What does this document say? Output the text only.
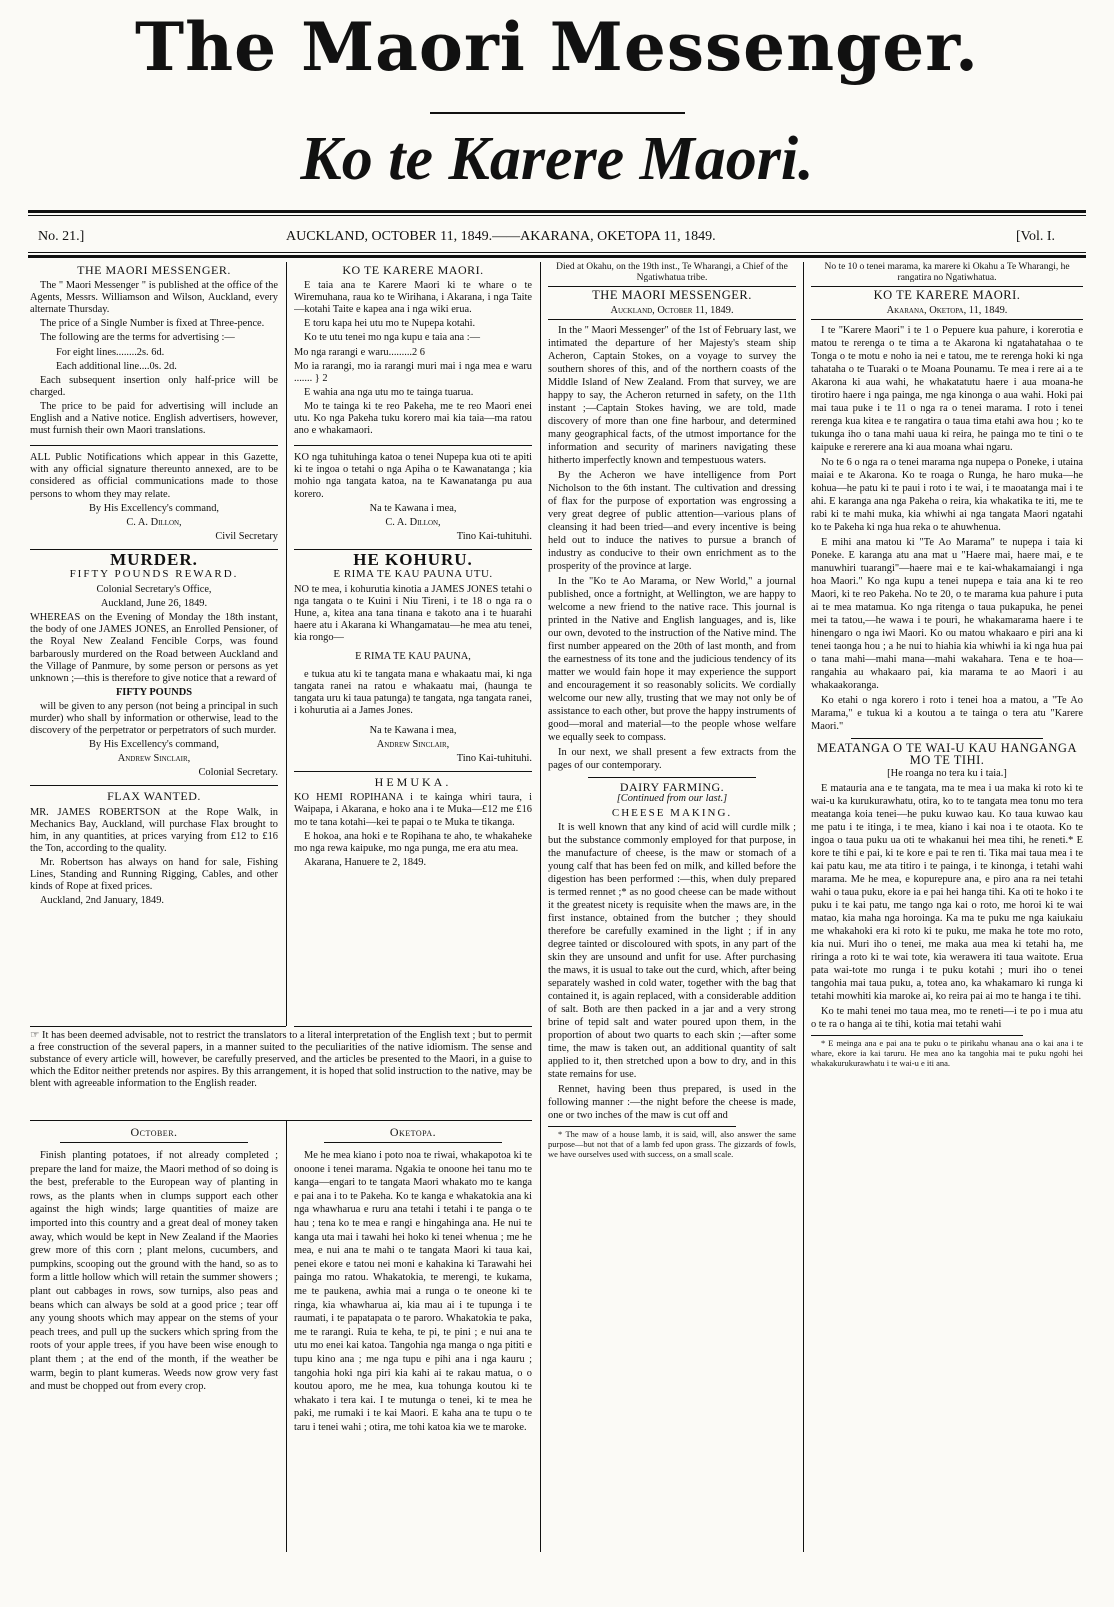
The Maori Messenger.
Ko te Karere Maori.
No. 21.]	AUCKLAND, OCTOBER 11, 1849.——AKARANA, OKETOPA 11, 1849.	[Vol. I.
THE MAORI MESSENGER.

The " Maori Messenger " is published at the office of the Agents, Messrs. Williamson and Wilson, Auckland, every alternate Thursday.

The price of a Single Number is fixed at Three-pence.

The following are the terms for advertising :—

For eight lines........2s. 6d.

Each additional line....0s. 2d.

Each subsequent insertion only half-price will be charged.

The price to be paid for advertising will include an English and a Native notice. English advertisers, however, must furnish their own Maori translations.

ALL Public Notifications which appear in this Gazette, with any official signature thereunto annexed, are to be considered as official communications made to those persons to whom they may relate.

By His Excellency's command,

C. A. Dillon,

Civil Secretary

MURDER.
FIFTY POUNDS REWARD.

Colonial Secretary's Office,

Auckland, June 26, 1849.

WHEREAS on the Evening of Monday the 18th instant, the body of one JAMES JONES, an Enrolled Pensioner, of the Royal New Zealand Fencible Corps, was found barbarously murdered on the Road between Auckland and the Village of Panmure, by some person or persons as yet unknown ;—this is therefore to give notice that a reward of

FIFTY POUNDS

will be given to any person (not being a principal in such murder) who shall by information or otherwise, lead to the discovery of the perpetrator or perpetrators of such murder.

By His Excellency's command,

Andrew Sinclair,

Colonial Secretary.

FLAX WANTED.

MR. JAMES ROBERTSON at the Rope Walk, in Mechanics Bay, Auckland, will purchase Flax brought to him, in any quantities, at prices varying from £12 to £16 the Ton, according to the quality.

Mr. Robertson has always on hand for sale, Fishing Lines, Standing and Running Rigging, Cables, and other kinds of Rope at fixed prices.

Auckland, 2nd January, 1849.

KO TE KARERE MAORI.

E taia ana te Karere Maori ki te whare o te Wiremuhana, raua ko te Wirihana, i Akarana, i nga Taite—kotahi Taite e kapea ana i nga wiki erua.

E toru kapa hei utu mo te Nupepa kotahi.

Ko te utu tenei mo nga kupu e taia ana :—

Mo nga rarangi e waru.........2 6

Mo ia rarangi, mo ia rarangi muri mai i nga mea e waru ....... } 2

E wahia ana nga utu mo te tainga tuarua.

Mo te tainga ki te reo Pakeha, me te reo Maori enei utu. Ko nga Pakeha tuku korero mai kia taia—ma ratou ano e whakamaori.

KO nga tuhituhinga katoa o tenei Nupepa kua oti te apiti ki te ingoa o tetahi o nga Apiha o te Kawanatanga ; kia mohio nga tangata katoa, na te Kawanatanga pu aua korero.

Na te Kawana i mea,

C. A. Dillon,

Tino Kai-tuhituhi.

HE KOHURU.
E RIMA TE KAU PAUNA UTU.

NO te mea, i kohurutia kinotia a JAMES JONES tetahi o nga tangata o te Kuini i Niu Tireni, i te 18 o nga ra o Hune, a, kitea ana tana tinana e takoto ana i te huarahi haere atu i Akarana ki Whangamatau—he mea atu tenei, kia rongo—

E RIMA TE KAU PAUNA,

e tukua atu ki te tangata mana e whakaatu mai, ki nga tangata ranei na ratou e whakaatu mai, (haunga te tangata uru ki taua patunga) te tangata, nga tangata ranei, i kohurutia ai a James Jones.

Na te Kawana i mea,

Andrew Sinclair,

Tino Kai-tuhituhi.

HEMUKA.

KO HEMI ROPIHANA i te kainga whiri taura, i Waipapa, i Akarana, e hoko ana i te Muka—£12 me £16 mo te tana kotahi—kei te papai o te Muka te tikanga.

E hokoa, ana hoki e te Ropihana te aho, te whakaheke mo nga rewa kaipuke, mo nga punga, me era atu mea.

Akarana, Hanuere te 2, 1849.

☞ It has been deemed advisable, not to restrict the translators to a literal interpretation of the English text ; but to permit a free construction of the several papers, in a manner suited to the peculiarities of the native idiomism. The sense and substance of every article will, however, be carefully preserved, and the articles be presented to the Maori, in a guise to which the Editor neither pretends nor aspires. By this arrangement, it is hoped that solid instruction to the native, may be blent with agreeable information to the English reader.
October.

Finish planting potatoes, if not already completed ; prepare the land for maize, the Maori method of so doing is the best, preferable to the European way of planting in rows, as the plants when in clumps support each other against the high winds; large quantities of maize are imported into this country and a great deal of money taken away, which would be kept in New Zealand if the Maories grew more of this corn ; plant melons, cucumbers, and pumpkins, scooping out the ground with the hand, so as to form a little hollow which will retain the summer showers ; plant out cabbages in rows, sow turnips, also peas and beans which can always be sold at a good price ; tear off any young shoots which may appear on the stems of your peach trees, and pull up the suckers which spring from the roots of your apple trees, if you have been wise enough to plant them ; at the end of the month, if the weather be warm, begin to plant kumeras. Weeds now grow very fast and must be chopped out from every crop.

Oketopa.

Me he mea kiano i poto noa te riwai, whakapotoa ki te onoone i tenei marama. Ngakia te onoone hei tanu mo te kanga—engari to te tangata Maori whakato mo te kanga e pai ana i to te Pakeha. Ko te kanga e whakatokia ana ki nga whawharua e ruru ana tetahi i tetahi i te panga o te hau ; tena ko te mea e rangi e hingahinga ana. He nui te kanga uta mai i tawahi hei hoko ki tenei whenua ; me he mea, e nui ana te mahi o te tangata Maori ki taua kai, penei ekore e tatou nei moni e kahakina ki Tarawahi hei painga mo ratou. Whakatokia, te merengi, te kukama, me te paukena, awhia mai a runga o te oneone ki te ringa, kia whawharua ai, kia mau ai i te tupunga i te raumati, i te papatapata o te paroro. Whakatokia te paka, me te rarangi. Ruia te keha, te pi, te pini ; e nui ana te utu mo enei kai katoa. Tangohia nga manga o nga pititi e tupu kino ana ; me nga tupu e pihi ana i nga kauru ; tangohia hoki nga piri kia kahi ai te rakau matua, o o koutou aporo, me he mea, kua tohunga koutou ki te whakato i tera kai. I te mutunga o tenei, ki te mea he paki, me rumaki i te kai Maori. E kaha ana te tupu o te taru i tenei wahi ; otira, me tohi katoa kia we te maroke.

Died at Okahu, on the 19th inst., Te Wharangi, a Chief of the Ngatiwhatua tribe.

THE MAORI MESSENGER.

Auckland, October 11, 1849.

In the " Maori Messenger" of the 1st of February last, we intimated the departure of her Majesty's steam ship Acheron, Captain Stokes, on a voyage to survey the southern shores of this, and of the northern coasts of the Middle Island of New Zealand. From that survey, we are happy to say, the Acheron returned in safety, on the 11th instant ;—Captain Stokes having, we are told, made discovery of more than one fine harbour, and determined many geographical facts, of the utmost importance for the information and security of mariners navigating these hitherto imperfectly known and tempestuous waters.

By the Acheron we have intelligence from Port Nicholson to the 6th instant. The cultivation and dressing of flax for the purpose of exportation was engrossing a very great degree of public attention—various plans of cleansing it had been tried—and every incentive is being held out to induce the natives to pursue a branch of industry as conducive to their own enrichment as to the prosperity of the province at large.

In the "Ko te Ao Marama, or New World," a journal published, once a fortnight, at Wellington, we are happy to welcome a new friend to the native race. This journal is printed in the Native and English languages, and is, like our own, devoted to the instruction of the Native mind. The first number appeared on the 20th of last month, and from the earnestness of its tone and the judicious tendency of its matter we would fain hope it may experience the support and encouragement it so reasonably solicits. We cordially welcome our new ally, trusting that we may not only be of assistance to each other, but prove the happy instruments of good—moral and material—to the people whose welfare we equally seek to compass.

In our next, we shall present a few extracts from the pages of our contemporary.

DAIRY FARMING.

[Continued from our last.]

CHEESE MAKING.

It is well known that any kind of acid will curdle milk ; but the substance commonly employed for that purpose, in the manufacture of cheese, is the maw or stomach of a young calf that has been fed on milk, and killed before the digestion has been performed :—this, when duly prepared is termed rennet ;* as no good cheese can be made without it the greatest nicety is requisite when the maws are, in the first instance, obtained from the butcher ; they should therefore be carefully examined in the light ; if in any degree tainted or discoloured with spots, in any part of the skin they are unsound and unfit for use. After purchasing the maws, it is usual to take out the curd, which, after being separately washed in cold water, together with the bag that contained it, is again replaced, with a considerable addition of salt. Both are then packed in a jar and a very strong brine of tepid salt and water poured upon them, in the proportion of about two quarts to each skin ;—after some time, the maw is taken out, an additional quantity of salt applied to it, then stretched upon a bow to dry, and in this state remains for use.

Rennet, having been thus prepared, is used in the following manner :—the night before the cheese is made, one or two inches of the maw is cut off and

* The maw of a house lamb, it is said, will, also answer the same purpose—but not that of a lamb fed upon grass. The gizzards of fowls, we have ourselves used with success, on a small scale.

No te 10 o tenei marama, ka marere ki Okahu a Te Wharangi, he rangatira no Ngatiwhatua.

KO TE KARERE MAORI.

Akarana, Oketopa, 11, 1849.

I te "Karere Maori" i te 1 o Pepuere kua pahure, i korerotia e matou te rerenga o te tima a te Akarona ki ngatahatahaa o te Tonga o te motu e noho ia nei e tatou, me te rerenga hoki ki nga tahataha o te Tuaraki o te Moana Pounamu. Te mea i rere ai a te Akarona ki aua wahi, he whakatatutu haere i aua moana-he tirotiro haere i nga painga, me nga kinonga o aua wahi. Hoki pai mai taua puke i te 11 o nga ra o tenei marama. I roto i tenei rerenga kua kitea e te rangatira o taua tima etahi awa hou ; ko te tukunga iho o tana mahi uaua ki reira, he painga mo te tini o te kaipuke e rererere ana ki aua moana whai ngaru.

No te 6 o nga ra o tenei marama nga nupepa o Poneke, i utaina maiai e te Akarona. Ko te roaga o Runga, he haro muka—he kohua—he patu ki te paui i roto i te wai, i te maoatanga mai i te ahi. E karanga ana nga Pakeha o reira, kia whakatika te iti, me te rabi ki te mahi muka, kia whiwhi ai nga tangata Maori ngatahi ko te Pakeha ki nga hua reka o te ahuwhenua.

E mihi ana matou ki "Te Ao Marama" te nupepa i taia ki Poneke. E karanga atu ana mat u "Haere mai, haere mai, e te manuwhiri tuarangi"—haere mai e te kai-whakamaiangi i nga hoa Maori." Ko nga kupu a tenei nupepa e taia ana ki te reo Maori, ki te reo Pakeha. No te 20, o te marama kua pahure i puta ai te mea matamua. Ko nga ritenga o taua pukapuka, he penei mei ta tatou,—he wawa i te pouri, he whakamarama haere i te hinengaro o nga iwi Maori. Ko ou matou whakaaro e piri ana ki tenei taonga hou ; a he nui to hiahia kia whiwhi ia ki nga hua pai o tana mahi—mahi mana—mahi wakahara. Tena e te hoa—rangahia au whakaaro pai, kia marama te ao Maori i au whakaakoranga.

Ko etahi o nga korero i roto i tenei hoa a matou, a "Te Ao Marama," e tukua ki a koutou a te tainga o tera atu "Karere Maori."

MEATANGA O TE WAI-U KAU HANGANGA MO TE TIHI.

[He roanga no tera ku i taia.]

E matauria ana e te tangata, ma te mea i ua maka ki roto ki te wai-u ka kurukurawhatu, otira, ko to te tangata mea tonu mo tera meatanga koia tenei—he puku kuwao kau. Ko taua kuwao kau me patu i te itinga, i te mea, kiano i kai noa i te otaota. Ko te ingoa o taua puku ua oti te whakanui hei mea tihi, he reneti.* E kore te tihi e pai, ki te kore e pai te ren ti. Tika mai taua mea i te kai patu kau, me ata titiro i te painga, i te kinonga, i tetahi wahi marama. Me he mea, e kopurepure ana, e piro ana ra nei tetahi wahi o taua puku, ekore ia e pai hei hanga tihi. Ka oti te hoko i te puku i te kai patu, me tango nga kai o roto, me horoi ki te wai matao, kia maha nga horoinga. Ka ma te puku me nga kaiukaiu me whakahoki era ki roto ki te puku, me maka he tote mo roto, kia nui. Muri iho o tenei, me maka aua mea ki tetahi ha, me riringa a roto ki te wai tote, kia werawera iti taua waitote. Erua pata wai-tote mo runga i te puku kotahi ; muri iho o tenei tangohia mai taua puku, a, totea ano, ka whakamaro ki runga ki tetahi mowhiti kia maroke ai, ko reira pai ai mo te hanga i te tihi.

Ko te mahi tenei mo taua mea, mo te reneti—i te po i mua atu o te ra o hanga ai te tihi, kotia mai tetahi wahi

* E meinga ana e pai ana te puku o te pirikahu whanau ana o kai ana i te whare, ekore ia kai taruru. He mea ano ka tangohia mai te puku ngohi hei whakakurukurawhatu i te wai-u e iti ana.
